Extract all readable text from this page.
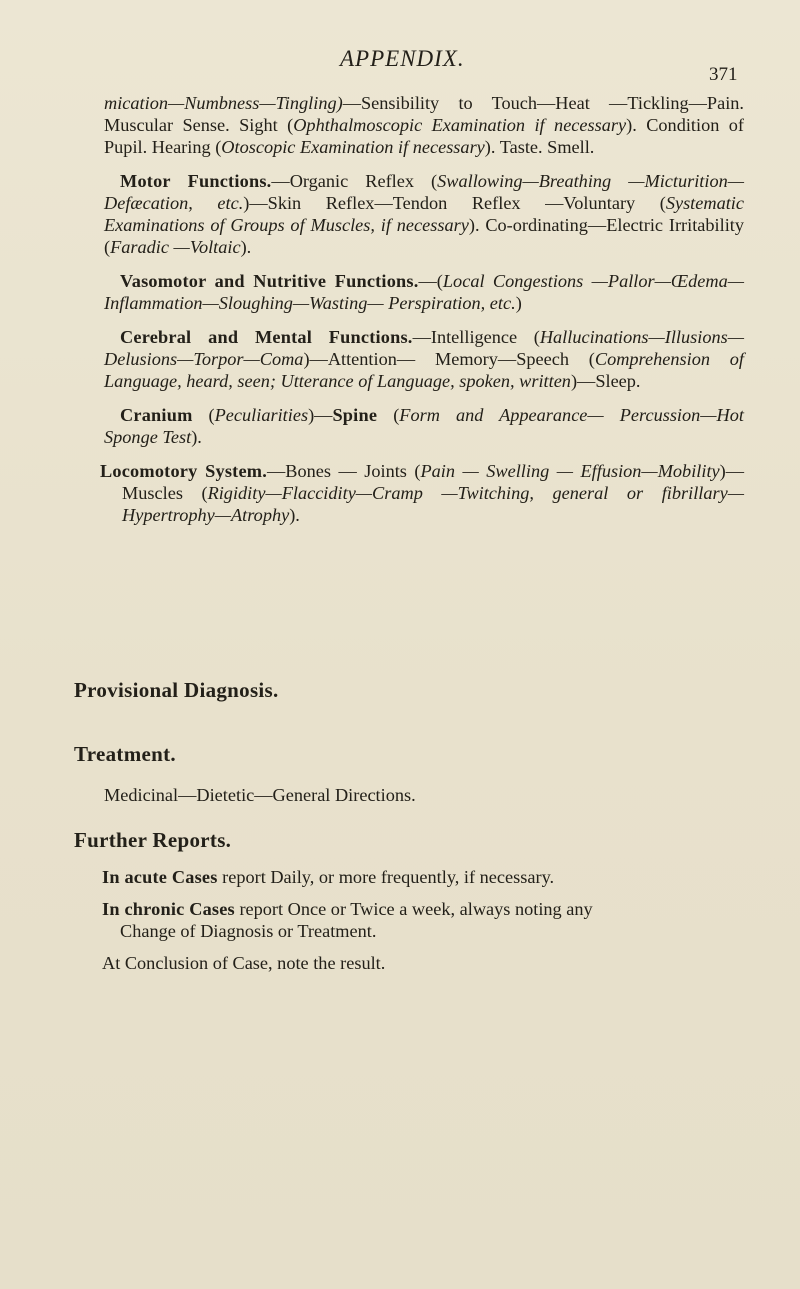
APPENDIX.
371

mication—Numbness—Tingling)—Sensibility to Touch—Heat —Tickling—Pain. Muscular Sense. Sight (Ophthalmoscopic Examination if necessary). Condition of Pupil. Hearing (Otoscopic Examination if necessary). Taste. Smell.

Motor Functions.—Organic Reflex (Swallowing—Breathing —Micturition—Defæcation, etc.)—Skin Reflex—Tendon Reflex —Voluntary (Systematic Examinations of Groups of Muscles, if necessary). Co-ordinating—Electric Irritability (Faradic —Voltaic).

Vasomotor and Nutritive Functions.—(Local Congestions —Pallor—Œdema—Inflammation—Sloughing—Wasting— Perspiration, etc.)

Cerebral and Mental Functions.—Intelligence (Hallucinations—Illusions—Delusions—Torpor—Coma)—Attention— Memory—Speech (Comprehension of Language, heard, seen; Utterance of Language, spoken, written)—Sleep.

Cranium (Peculiarities)—Spine (Form and Appearance— Percussion—Hot Sponge Test).

Locomotory System.—Bones — Joints (Pain — Swelling — Effusion—Mobility)—Muscles (Rigidity—Flaccidity—Cramp —Twitching, general or fibrillary—Hypertrophy—Atrophy).

Provisional Diagnosis.
Treatment.
Medicinal—Dietetic—General Directions.
Further Reports.
In acute Cases report Daily, or more frequently, if necessary.
In chronic Cases report Once or Twice a week, always noting any
Change of Diagnosis or Treatment.
At Conclusion of Case, note the result.
